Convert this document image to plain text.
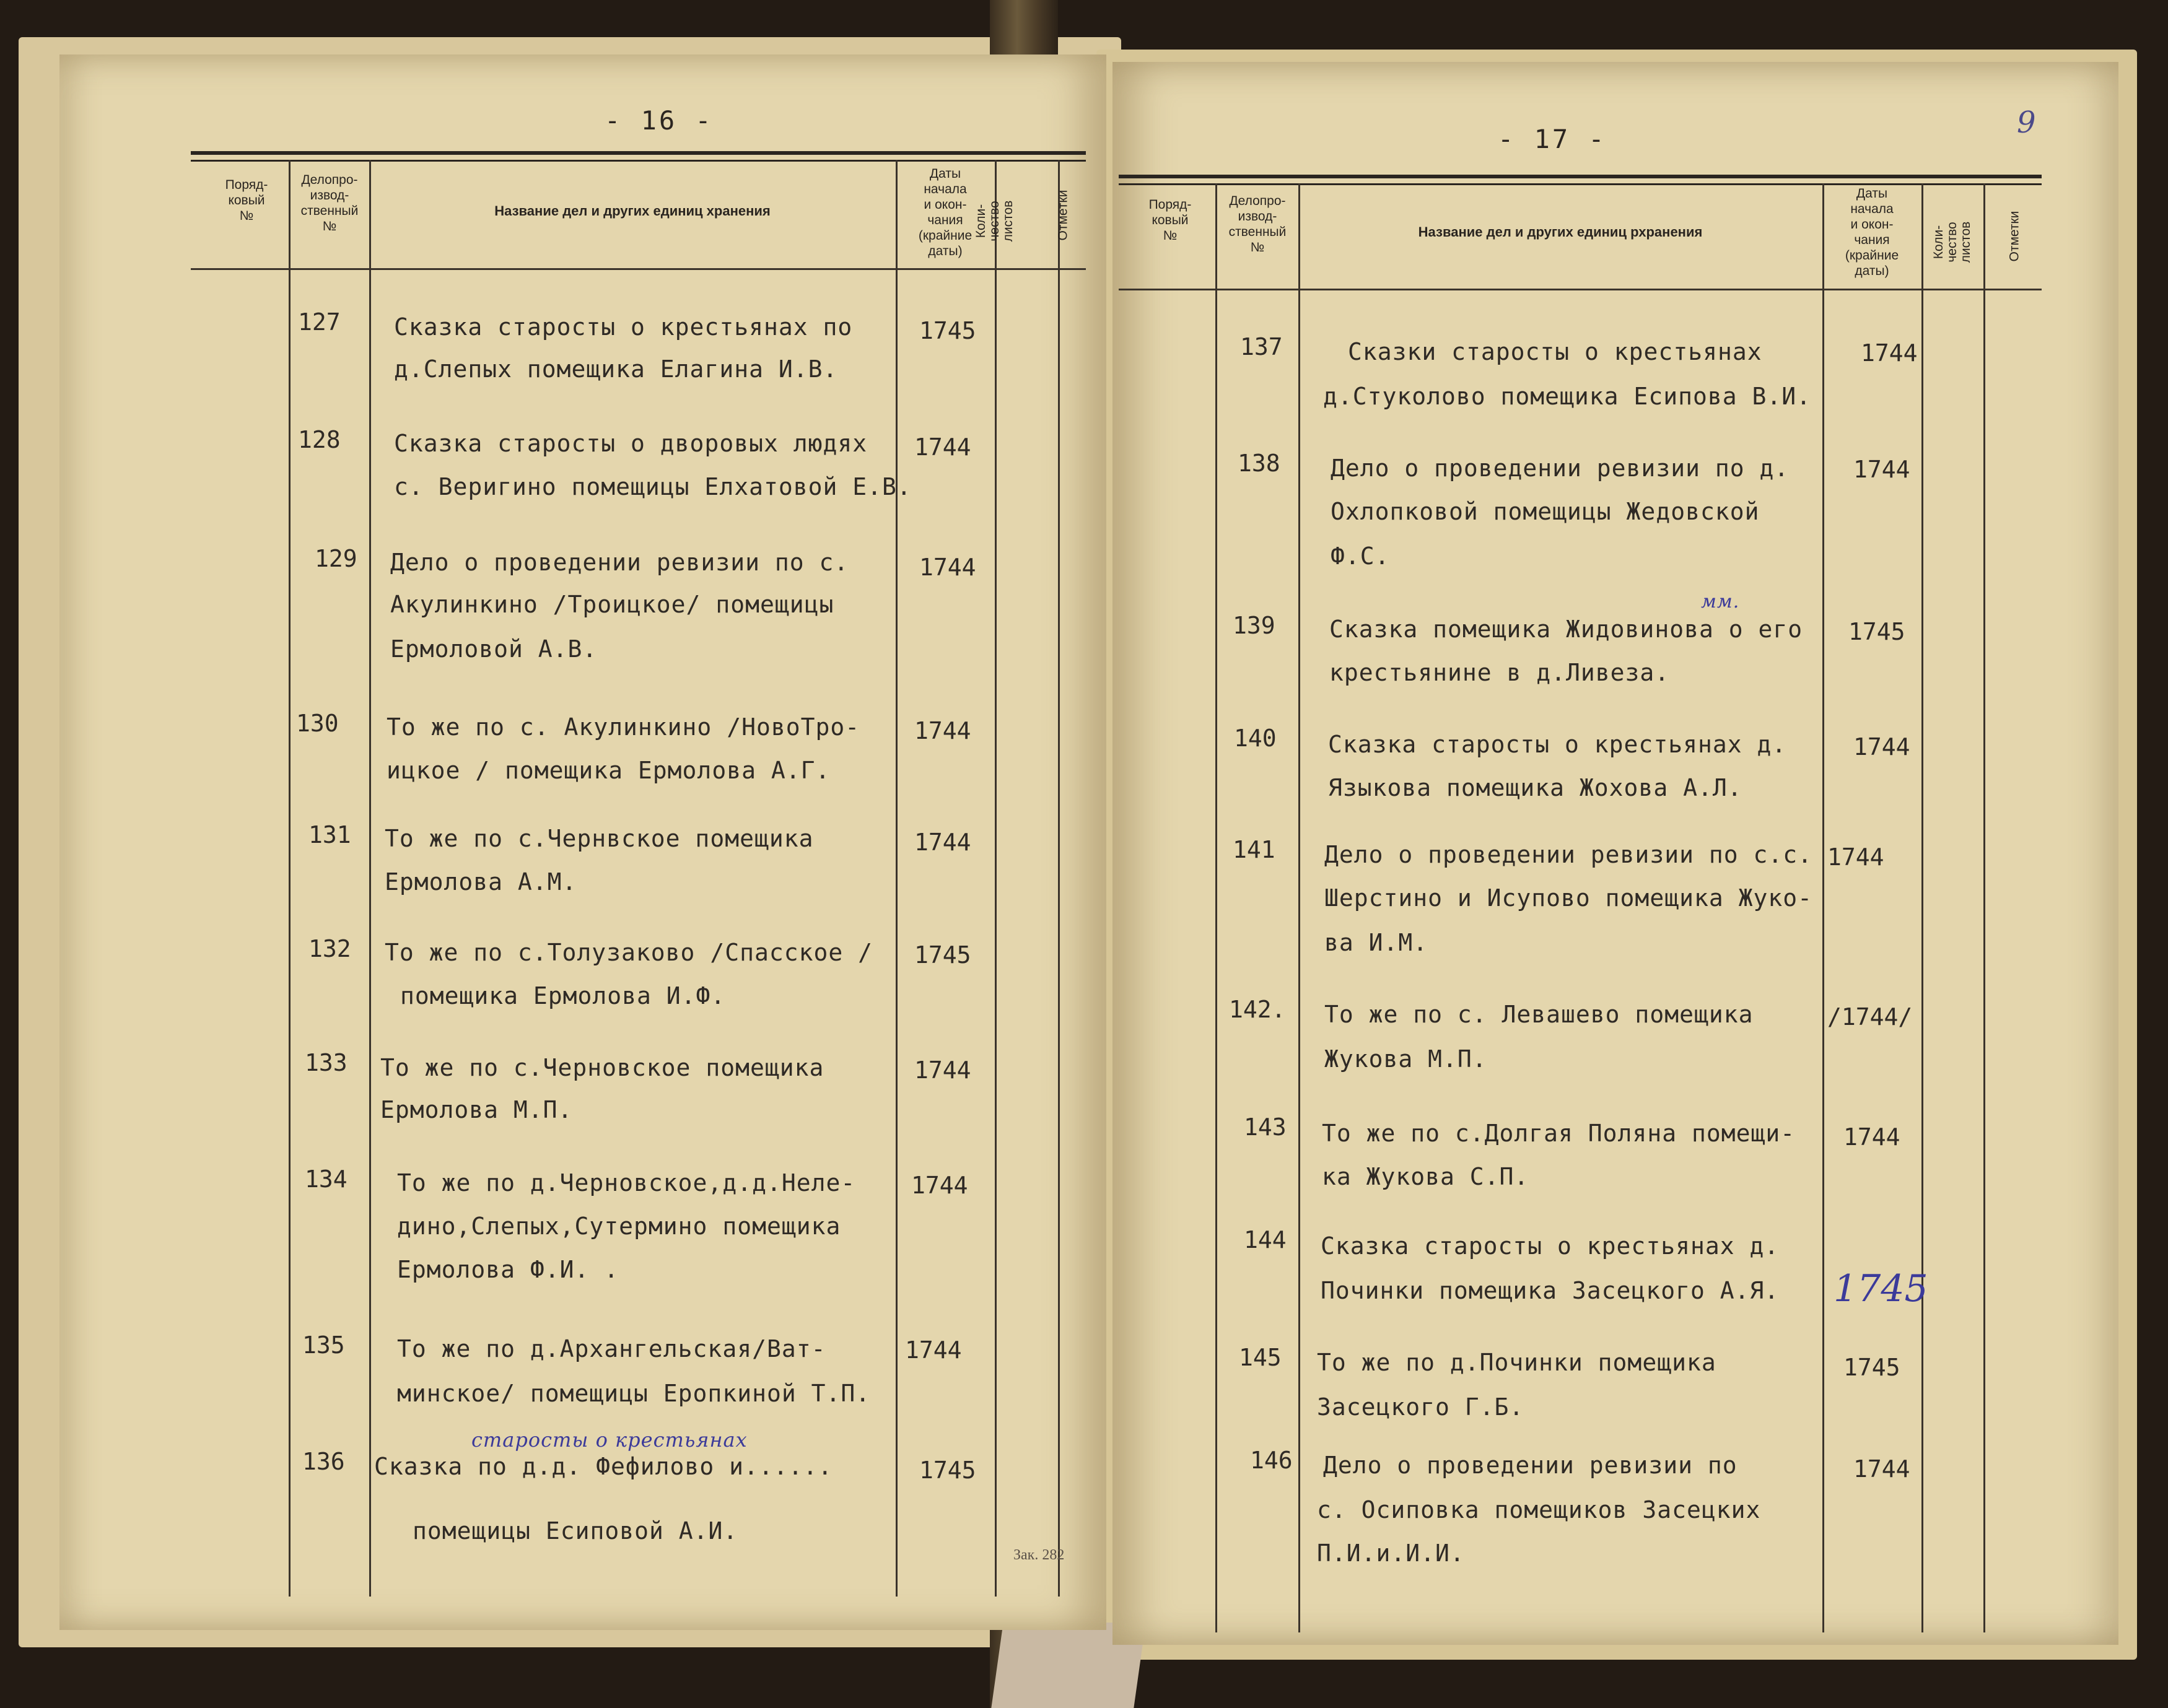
- 16 -
Поряд-
ковый
№
Делопро-
извод-
ственный
№
Название дел и других единиц хранения
Даты
начала
и окон-
чания
(крайние
даты)
Коли-
чество
листов	Отметки
127 Сказка старосты о крестьянах по
д.Слепых помещика Елагина И.В.
1745
128 Сказка старосты о дворовых людях
с. Веригино помещицы Елхатовой Е.В.
1744
129 Дело о проведении ревизии по с.
Акулинкино /Троицкое/ помещицы
Ермоловой А.В.
1744
130 То же по с. Акулинкино /НовоТро-
ицкое / помещика Ермолова А.Г.
1744
131 То же по с.Чернвское помещика
Ермолова А.М.
1744
132 То же по с.Толузаково /Спасское /
помещика Ермолова И.Ф.
1745
133 То же по с.Черновское помещика
Ермолова М.П.
1744
134 То же по д.Черновское,д.д.Неле-
дино,Слепых,Сутермино помещика
Ермолова Ф.И. .
1744
135 То же по д.Архангельская/Ват-
минское/ помещицы Еропкиной Т.П.
1744
старосты о крестьянах
136 Сказка по д.д. Фефилово и......
помещицы Есиповой А.И.
1745
Зак. 282
- 17 -	9
Поряд-
ковый
№
Делопро-
извод-
ственный
№
Название дел и других единиц рхранения
Даты
начала
и окон-
чания
(крайние
даты)
Коли-
чество
листов	Отметки
137	Сказки старосты о крестьянах
д.Стуколово помещика Есипова В.И.
1744
138 Дело о проведении ревизии по д.
Охлопковой помещицы Жедовской
Ф.С.
1744
мм.
139 Сказка помещика Жидовинова о его
крестьянине в д.Ливеза.
1745
140 Сказка старосты о крестьянах д.
Языкова помещика Жохова А.Л.
1744
141 Дело о проведении ревизии по с.с.
Шерстино и Исупово помещика Жуко-
ва И.М.
1744
142. То же по с. Левашево помещика
Жукова М.П.
/1744/
143 То же по с.Долгая Поляна помещи-
ка Жукова С.П.
1744
144 Сказка старосты о крестьянах д.
Починки помещика Засецкого А.Я. 1745
145 То же по д.Починки помещика
Засецкого Г.Б.
1745
146 Дело о проведении ревизии по
с. Осиповка помещиков Засецких
П.И.и.И.И.
1744
